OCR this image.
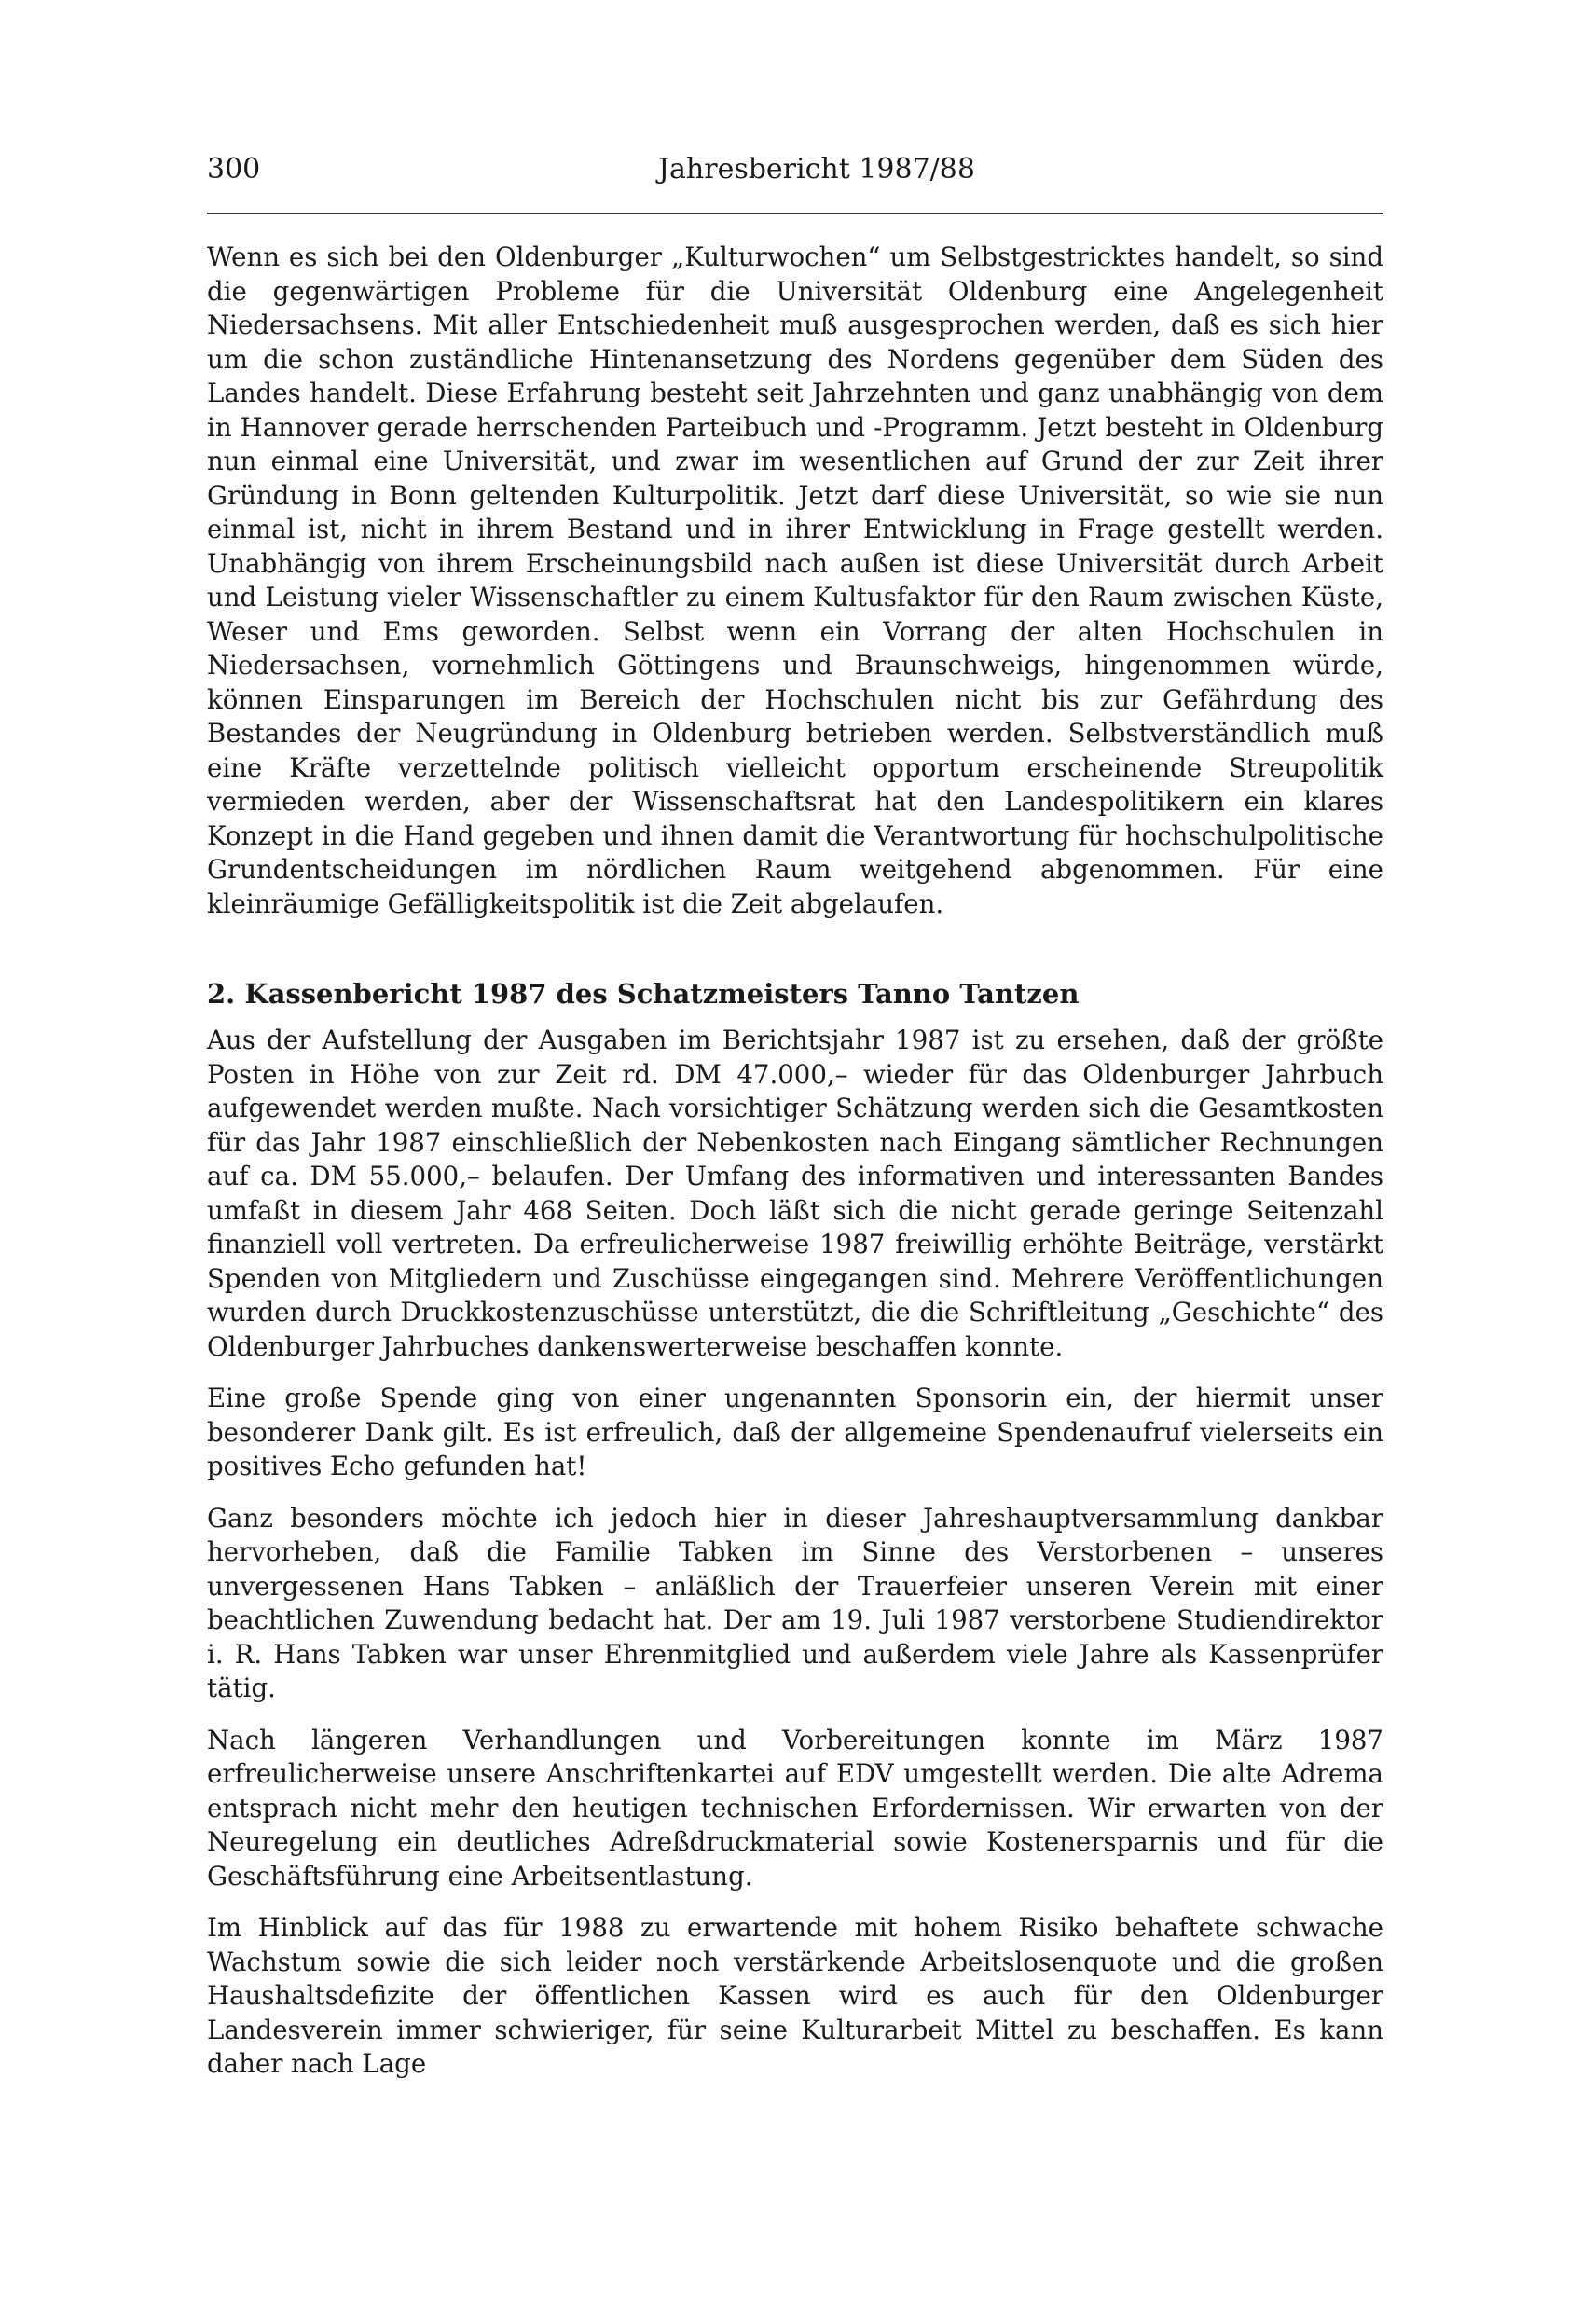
300	Jahresbericht 1987/88

Wenn es sich bei den Oldenburger „Kulturwochen“ um Selbstgestricktes handelt, so sind die gegenwärtigen Probleme für die Universität Oldenburg eine Angelegenheit Niedersachsens. Mit aller Entschiedenheit muß ausgesprochen werden, daß es sich hier um die schon zuständliche Hintenansetzung des Nordens gegenüber dem Süden des Landes handelt. Diese Erfahrung besteht seit Jahrzehnten und ganz unabhängig von dem in Hannover gerade herrschenden Parteibuch und -Programm. Jetzt besteht in Oldenburg nun einmal eine Universität, und zwar im wesentlichen auf Grund der zur Zeit ihrer Gründung in Bonn geltenden Kulturpolitik. Jetzt darf diese Universität, so wie sie nun einmal ist, nicht in ihrem Bestand und in ihrer Entwicklung in Frage gestellt werden. Unabhängig von ihrem Erscheinungsbild nach außen ist diese Universität durch Arbeit und Leistung vieler Wissenschaftler zu einem Kultusfaktor für den Raum zwischen Küste, Weser und Ems geworden. Selbst wenn ein Vorrang der alten Hochschulen in Niedersachsen, vornehmlich Göttingens und Braunschweigs, hingenommen würde, können Einsparungen im Bereich der Hochschulen nicht bis zur Gefährdung des Bestandes der Neugründung in Oldenburg betrieben werden. Selbstverständlich muß eine Kräfte verzettelnde politisch vielleicht opportum erscheinende Streupolitik vermieden werden, aber der Wissenschaftsrat hat den Landespolitikern ein klares Konzept in die Hand gegeben und ihnen damit die Verantwortung für hochschulpolitische Grundentscheidungen im nördlichen Raum weitgehend abgenommen. Für eine kleinräumige Gefälligkeitspolitik ist die Zeit abgelaufen.

2. Kassenbericht 1987 des Schatzmeisters Tanno Tantzen

Aus der Aufstellung der Ausgaben im Berichtsjahr 1987 ist zu ersehen, daß der größte Posten in Höhe von zur Zeit rd. DM 47.000,– wieder für das Oldenburger Jahrbuch aufgewendet werden mußte. Nach vorsichtiger Schätzung werden sich die Gesamtkosten für das Jahr 1987 einschließlich der Nebenkosten nach Eingang sämtlicher Rechnungen auf ca. DM 55.000,– belaufen. Der Umfang des informativen und interessanten Bandes umfaßt in diesem Jahr 468 Seiten. Doch läßt sich die nicht gerade geringe Seitenzahl finanziell voll vertreten. Da erfreulicherweise 1987 freiwillig erhöhte Beiträge, verstärkt Spenden von Mitgliedern und Zuschüsse eingegangen sind. Mehrere Veröffentlichungen wurden durch Druckkostenzuschüsse unterstützt, die die Schriftleitung „Geschichte“ des Oldenburger Jahrbuches dankenswerterweise beschaffen konnte.

Eine große Spende ging von einer ungenannten Sponsorin ein, der hiermit unser besonderer Dank gilt. Es ist erfreulich, daß der allgemeine Spendenaufruf vielerseits ein positives Echo gefunden hat!

Ganz besonders möchte ich jedoch hier in dieser Jahreshauptversammlung dankbar hervorheben, daß die Familie Tabken im Sinne des Verstorbenen – unseres unvergessenen Hans Tabken – anläßlich der Trauerfeier unseren Verein mit einer beachtlichen Zuwendung bedacht hat. Der am 19. Juli 1987 verstorbene Studiendirektor i. R. Hans Tabken war unser Ehrenmitglied und außerdem viele Jahre als Kassenprüfer tätig.

Nach längeren Verhandlungen und Vorbereitungen konnte im März 1987 erfreulicherweise unsere Anschriftenkartei auf EDV umgestellt werden. Die alte Adrema entsprach nicht mehr den heutigen technischen Erfordernissen. Wir erwarten von der Neuregelung ein deutliches Adreßdruckmaterial sowie Kostenersparnis und für die Geschäftsführung eine Arbeitsentlastung.

Im Hinblick auf das für 1988 zu erwartende mit hohem Risiko behaftete schwache Wachstum sowie die sich leider noch verstärkende Arbeitslosenquote und die großen Haushaltsdefizite der öffentlichen Kassen wird es auch für den Oldenburger Landesverein immer schwieriger, für seine Kulturarbeit Mittel zu beschaffen. Es kann daher nach Lage
